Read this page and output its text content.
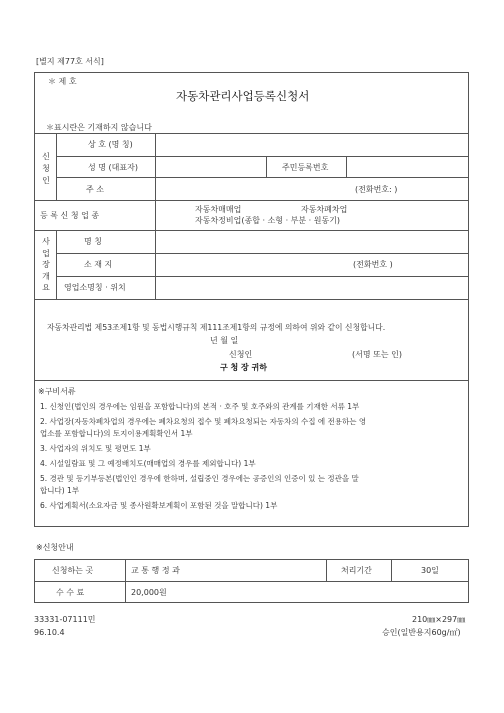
[별지 제77호 서식]
＊ 제 호
자동차관리사업등록신청서
＊표시란은 기재하지 않습니다
신
청
인
상 호 (명 칭)
성 명 (대표자)	주민등록번호
주 소	(전화번호: )
등 록 신 청 업 종
자동차매매업	자동차폐차업
자동차정비업(종합 · 소형 · 부분 · 원동기)
사
업
장
개
요
명 칭
소 재 지	(전화번호 )
영업소명칭 · 위치
자동차관리법 제53조제1항 및 동법시행규칙 제111조제1항의 규정에 의하여 위와 같이 신청합니다.
년 월 일
신청인	(서명 또는 인)
구 청 장 귀하
※구비서류
1. 신청인(법인의 경우에는 임원을 포함합니다)의 본적 · 호주 및 호주와의 관계를 기재한 서류 1부
2. 사업장(자동차폐차업의 경우에는 폐차요청의 접수 및 폐차요청되는 자동차의 수집 에 전용하는 영
업소를 포함합니다)의 토지이용계획확인서 1부
3. 사업자의 위치도 및 평면도 1부
4. 시설일람표 및 그 예정배치도(매매업의 경우를 제외합니다) 1부
5. 경관 및 등기부등본(법인인 경우에 한하며, 설립중인 경우에는 공증인의 인증이 있 는 정관을 말
합니다) 1부
6. 사업계획서(소요자금 및 종사원확보계획이 포함된 것을 말합니다) 1부
※신청안내
신청하는 곳	교 통 행 정 과	처리기간	30일
수 수 료	20,000원
33331-07111민
96.10.4
210㎜×297㎜
승인(일반용지60g/㎡)
